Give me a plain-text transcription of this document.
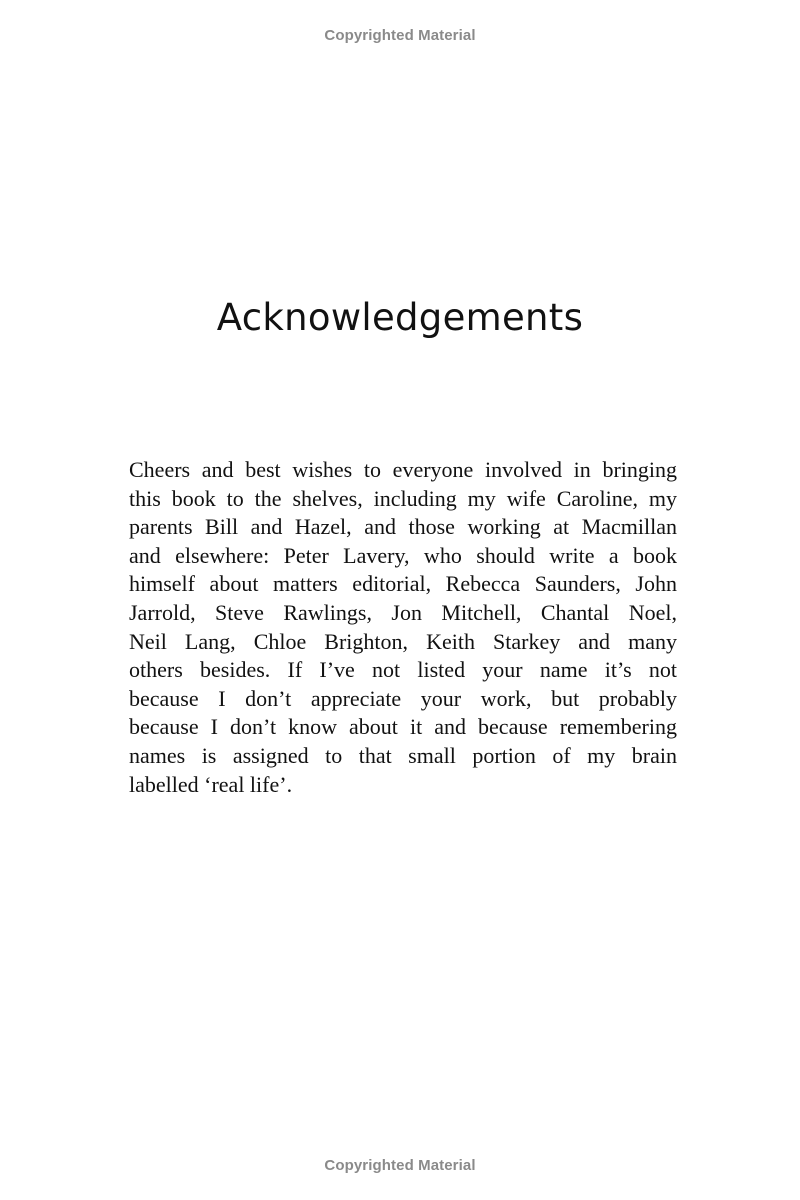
Copyrighted Material
Acknowledgements
Cheers and best wishes to everyone involved in bringing
this book to the shelves, including my wife Caroline, my
parents Bill and Hazel, and those working at Macmillan
and elsewhere: Peter Lavery, who should write a book
himself about matters editorial, Rebecca Saunders, John
Jarrold, Steve Rawlings, Jon Mitchell, Chantal Noel,
Neil Lang, Chloe Brighton, Keith Starkey and many
others besides. If I’ve not listed your name it’s not
because I don’t appreciate your work, but probably
because I don’t know about it and because remembering
names is assigned to that small portion of my brain
labelled ‘real life’.
Copyrighted Material
